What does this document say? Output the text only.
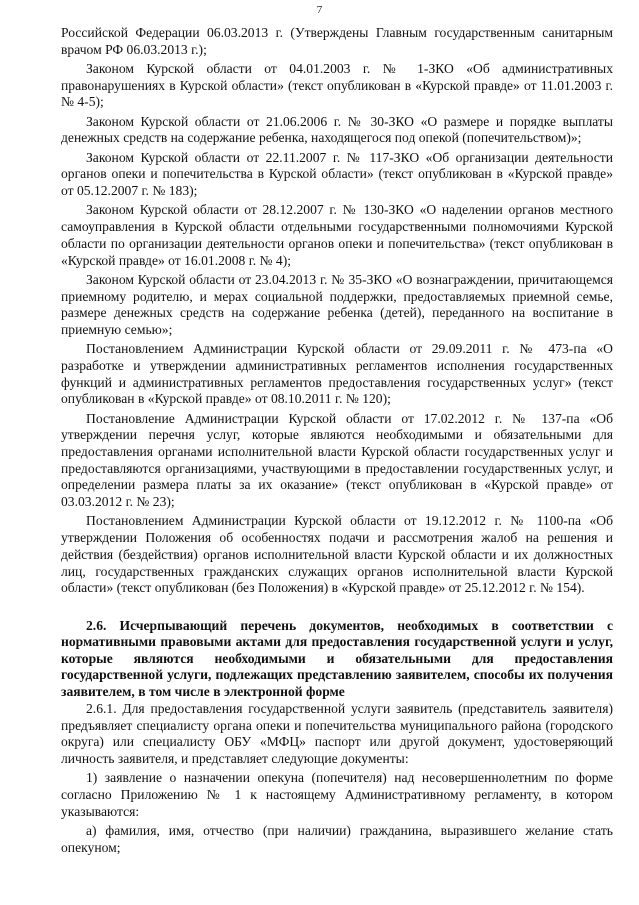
7

Российской Федерации 06.03.2013 г. (Утверждены Главным государственным санитарным врачом РФ 06.03.2013 г.);

Законом Курской области от 04.01.2003 г. № 1-ЗКО «Об административных правонарушениях в Курской области» (текст опубликован в «Курской правде» от 11.01.2003 г. № 4-5);

Законом Курской области от 21.06.2006 г. № 30-ЗКО «О размере и порядке выплаты денежных средств на содержание ребенка, находящегося под опекой (попечительством)»;

Законом Курской области от 22.11.2007 г. № 117-ЗКО «Об организации деятельности органов опеки и попечительства в Курской области» (текст опубликован в «Курской правде» от 05.12.2007 г. № 183);

Законом Курской области от 28.12.2007 г. № 130-ЗКО «О наделении органов местного самоуправления в Курской области отдельными государственными полномочиями Курской области по организации деятельности органов опеки и попечительства» (текст опубликован в «Курской правде» от 16.01.2008 г. № 4);

Законом Курской области от 23.04.2013 г. № 35-ЗКО «О вознаграждении, причитающемся приемному родителю, и мерах социальной поддержки, предоставляемых приемной семье, размере денежных средств на содержание ребенка (детей), переданного на воспитание в приемную семью»;

Постановлением Администрации Курской области от 29.09.2011 г. № 473-па «О разработке и утверждении административных регламентов исполнения государственных функций и административных регламентов предоставления государственных услуг» (текст опубликован в «Курской правде» от 08.10.2011 г. № 120);

Постановление Администрации Курской области от 17.02.2012 г. № 137-па «Об утверждении перечня услуг, которые являются необходимыми и обязательными для предоставления органами исполнительной власти Курской области государственных услуг и предоставляются организациями, участвующими в предоставлении государственных услуг, и определении размера платы за их оказание» (текст опубликован в «Курской правде» от 03.03.2012 г. № 23);

Постановлением Администрации Курской области от 19.12.2012 г. № 1100-па «Об утверждении Положения об особенностях подачи и рассмотрения жалоб на решения и действия (бездействия) органов исполнительной власти Курской области и их должностных лиц, государственных гражданских служащих органов исполнительной власти Курской области» (текст опубликован (без Положения) в «Курской правде» от 25.12.2012 г. № 154).

2.6. Исчерпывающий перечень документов, необходимых в соответствии с нормативными правовыми актами для предоставления государственной услуги и услуг, которые являются необходимыми и обязательными для предоставления государственной услуги, подлежащих представлению заявителем, способы их получения заявителем, в том числе в электронной форме

2.6.1. Для предоставления государственной услуги заявитель (представитель заявителя) предъявляет специалисту органа опеки и попечительства муниципального района (городского округа) или специалисту ОБУ «МФЦ» паспорт или другой документ, удостоверяющий личность заявителя, и представляет следующие документы:

1) заявление о назначении опекуна (попечителя) над несовершеннолетним по форме согласно Приложению № 1 к настоящему Административному регламенту, в котором указываются:

а) фамилия, имя, отчество (при наличии) гражданина, выразившего желание стать опекуном;
